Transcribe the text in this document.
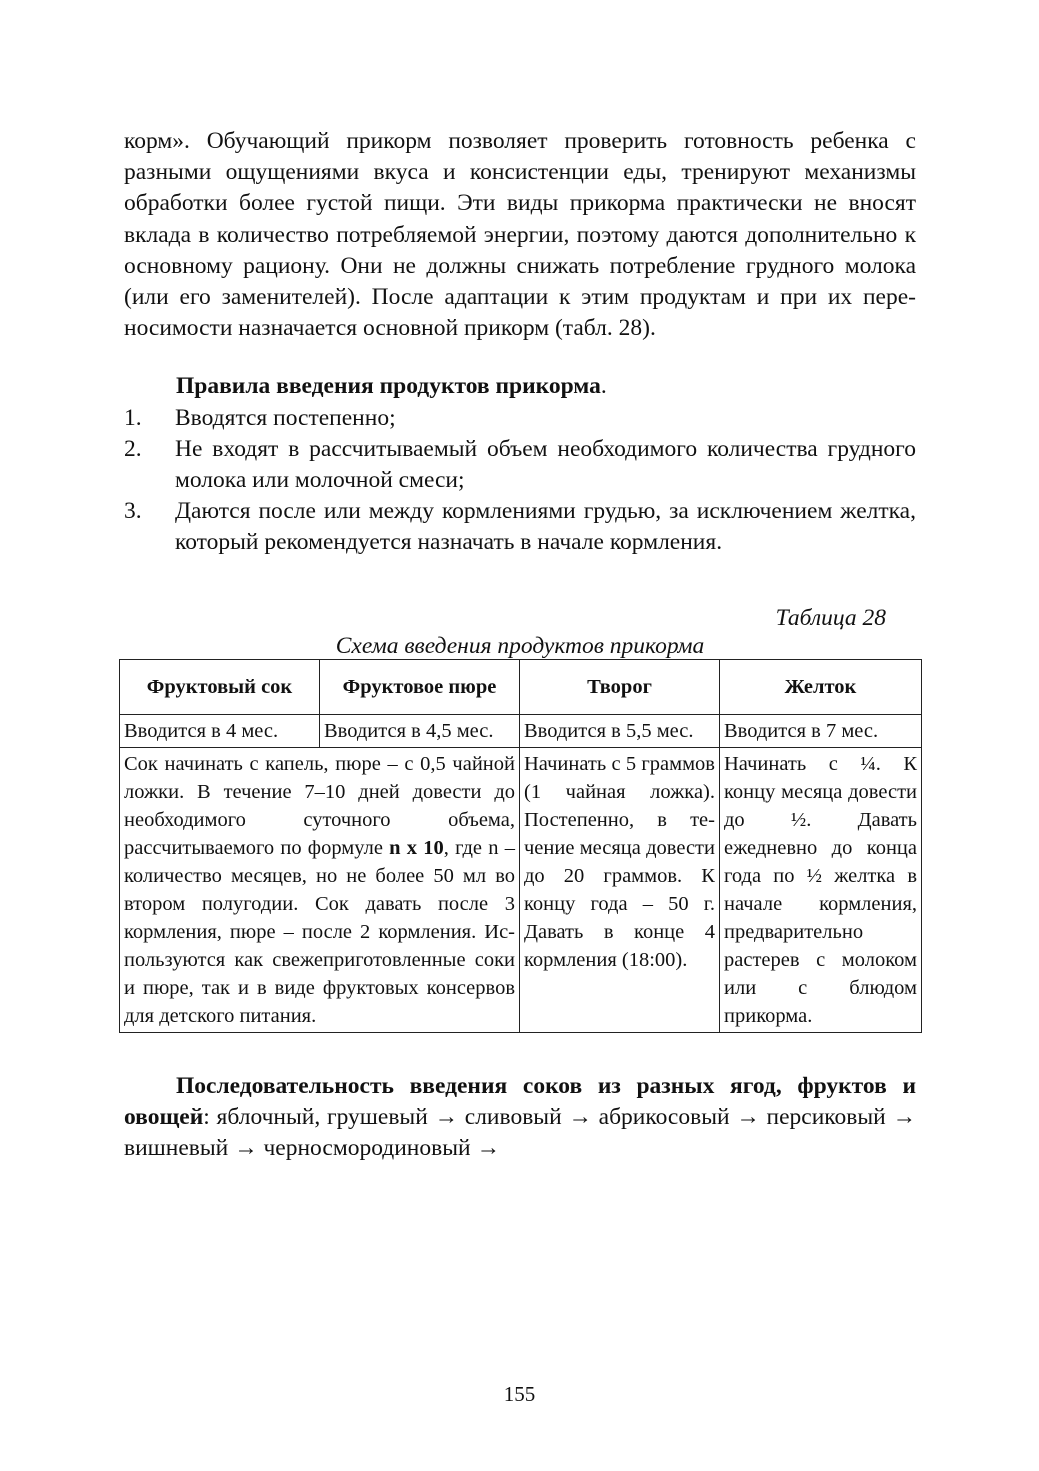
корм». Обучающий прикорм позволяет проверить готовность ребенка с разными ощущениями вкуса и консистенции еды, тренируют механизмы обработки более густой пищи. Эти виды прикорма практически не вносят вклада в количество потребляемой энергии, поэтому даются дополнительно к основному рациону. Они не должны снижать потребление грудного молока (или его заменителей). После адаптации к этим продуктам и при их переносимости назначается основной прикорм (табл. 28).

Правила введения продуктов прикорма.

1. Вводятся постепенно;
2. Не входят в рассчитываемый объем необходимого количества грудного молока или молочной смеси;
3. Даются после или между кормлениями грудью, за исключением желтка, который рекомендуется назначать в начале кормления.

Таблица 28

Схема введения продуктов прикорма

Фруктовый сок	Фруктовое пюре	Творог	Желток
Вводится в 4 мес.	Вводится в 4,5 мес.	Вводится в 5,5 мес.	Вводится в 7 мес.
Сок начинать с капель, пюре – с 0,5 чайной ложки. В течение 7–10 дней довести до необходимого суточного объема, рассчитываемого по формуле n x 10, где n – количество месяцев, но не более 50 мл во втором полугодии. Сок давать после 3 кормления, пюре – после 2 кормления. Используются как свежеприготовленные соки и пюре, так и в виде фруктовых консервов для детского питания.		Начинать с 5 граммов (1 чайная ложка). Постепенно, в течение месяца довести до 20 граммов. К концу года – 50 г. Давать в конце 4 кормления (18:00).	Начинать с ¼. К концу месяца довести до ½. Давать ежедневно до конца года по ½ желтка в начале кормления, предварительно растерев с молоком или с блюдом прикорма.

Последовательность введения соков из разных ягод, фруктов и овощей: яблочный, грушевый → сливовый → абрикосовый → персиковый → вишневый → черносмородиновый →

155
